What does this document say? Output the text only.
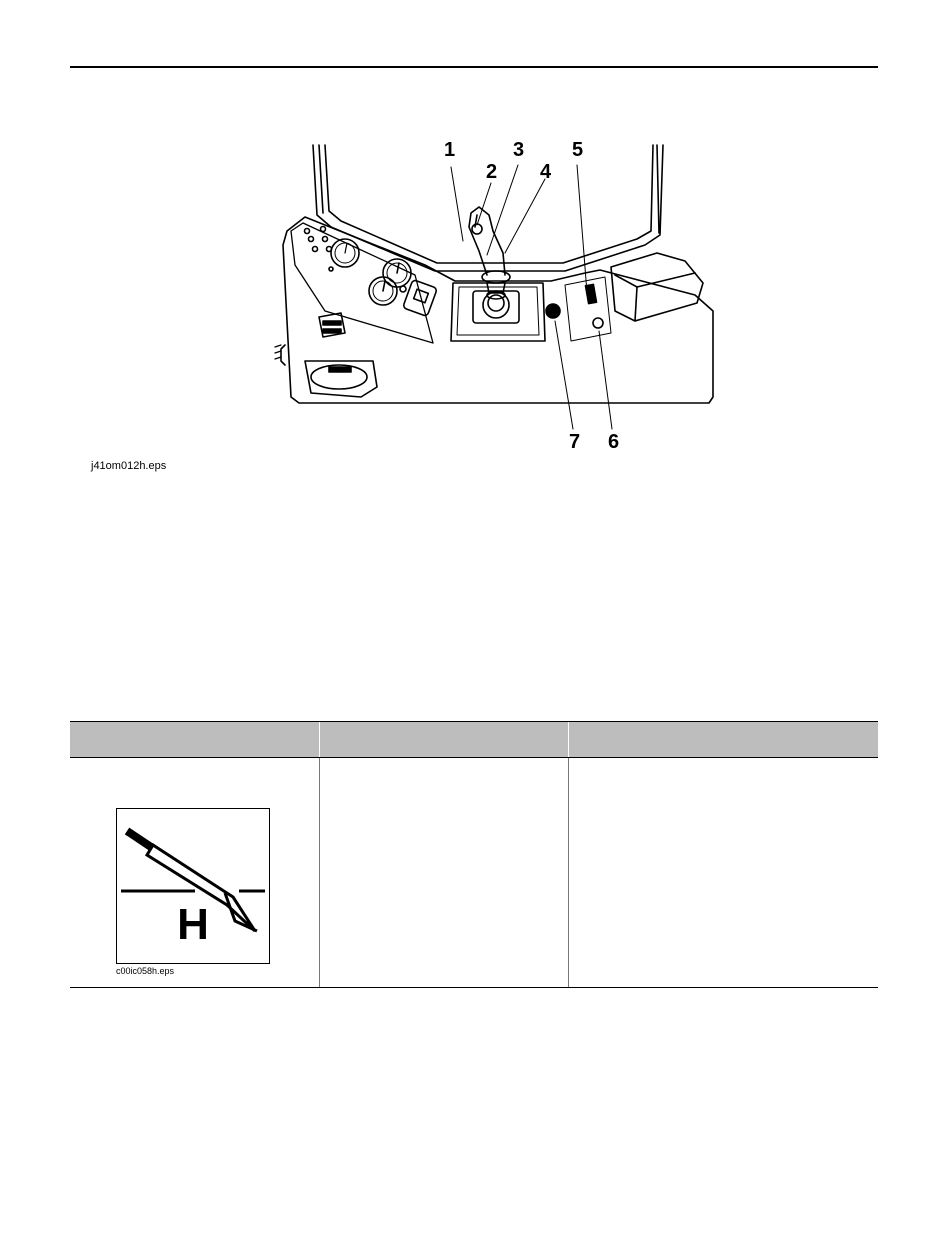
1
2
3
4
5
6
7
j41om012h.eps
H
c00ic058h.eps
